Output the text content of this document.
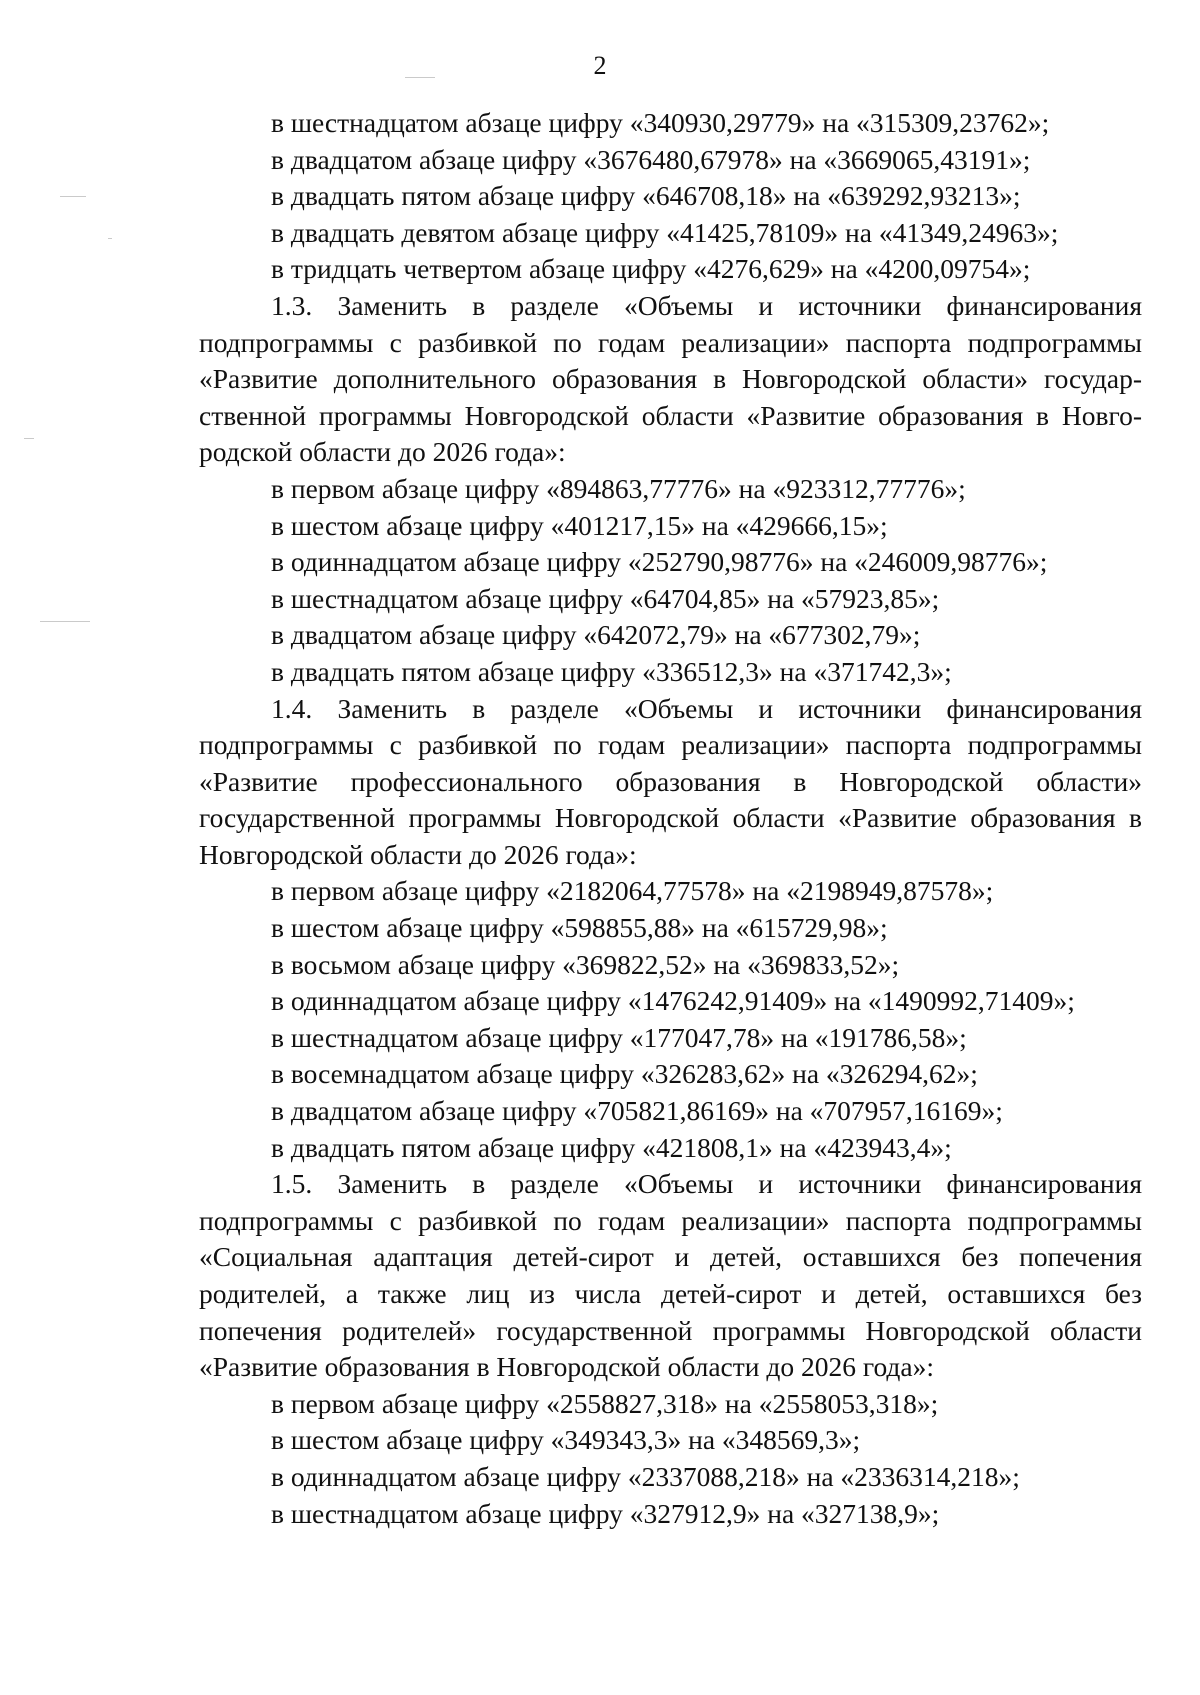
2
в шестнадцатом абзаце цифру «340930,29779» на «315309,23762»;
в двадцатом абзаце цифру «3676480,67978» на «3669065,43191»;
в двадцать пятом абзаце цифру «646708,18» на «639292,93213»;
в двадцать девятом абзаце цифру «41425,78109» на «41349,24963»;
в тридцать четвертом абзаце цифру «4276,629» на «4200,09754»;
1.3. Заменить в разделе «Объемы и источники финансирования
подпрограммы с разбивкой по годам реализации» паспорта подпрограммы
«Развитие дополнительного образования в Новгородской области» государ-
ственной программы Новгородской области «Развитие образования в Новго-
родской области до 2026 года»:
в первом абзаце цифру «894863,77776» на «923312,77776»;
в шестом абзаце цифру «401217,15» на «429666,15»;
в одиннадцатом абзаце цифру «252790,98776» на «246009,98776»;
в шестнадцатом абзаце цифру «64704,85» на «57923,85»;
в двадцатом абзаце цифру «642072,79» на «677302,79»;
в двадцать пятом абзаце цифру «336512,3» на «371742,3»;
1.4. Заменить в разделе «Объемы и источники финансирования
подпрограммы с разбивкой по годам реализации» паспорта подпрограммы
«Развитие профессионального образования в Новгородской области»
государственной программы Новгородской области «Развитие образования в
Новгородской области до 2026 года»:
в первом абзаце цифру «2182064,77578» на «2198949,87578»;
в шестом абзаце цифру «598855,88» на «615729,98»;
в восьмом абзаце цифру «369822,52» на «369833,52»;
в одиннадцатом абзаце цифру «1476242,91409» на «1490992,71409»;
в шестнадцатом абзаце цифру «177047,78» на «191786,58»;
в восемнадцатом абзаце цифру «326283,62» на «326294,62»;
в двадцатом абзаце цифру «705821,86169» на «707957,16169»;
в двадцать пятом абзаце цифру «421808,1» на «423943,4»;
1.5. Заменить в разделе «Объемы и источники финансирования
подпрограммы с разбивкой по годам реализации» паспорта подпрограммы
«Социальная адаптация детей-сирот и детей, оставшихся без попечения
родителей, а также лиц из числа детей-сирот и детей, оставшихся без
попечения родителей» государственной программы Новгородской области
«Развитие образования в Новгородской области до 2026 года»:
в первом абзаце цифру «2558827,318» на «2558053,318»;
в шестом абзаце цифру «349343,3» на «348569,3»;
в одиннадцатом абзаце цифру «2337088,218» на «2336314,218»;
в шестнадцатом абзаце цифру «327912,9» на «327138,9»;
